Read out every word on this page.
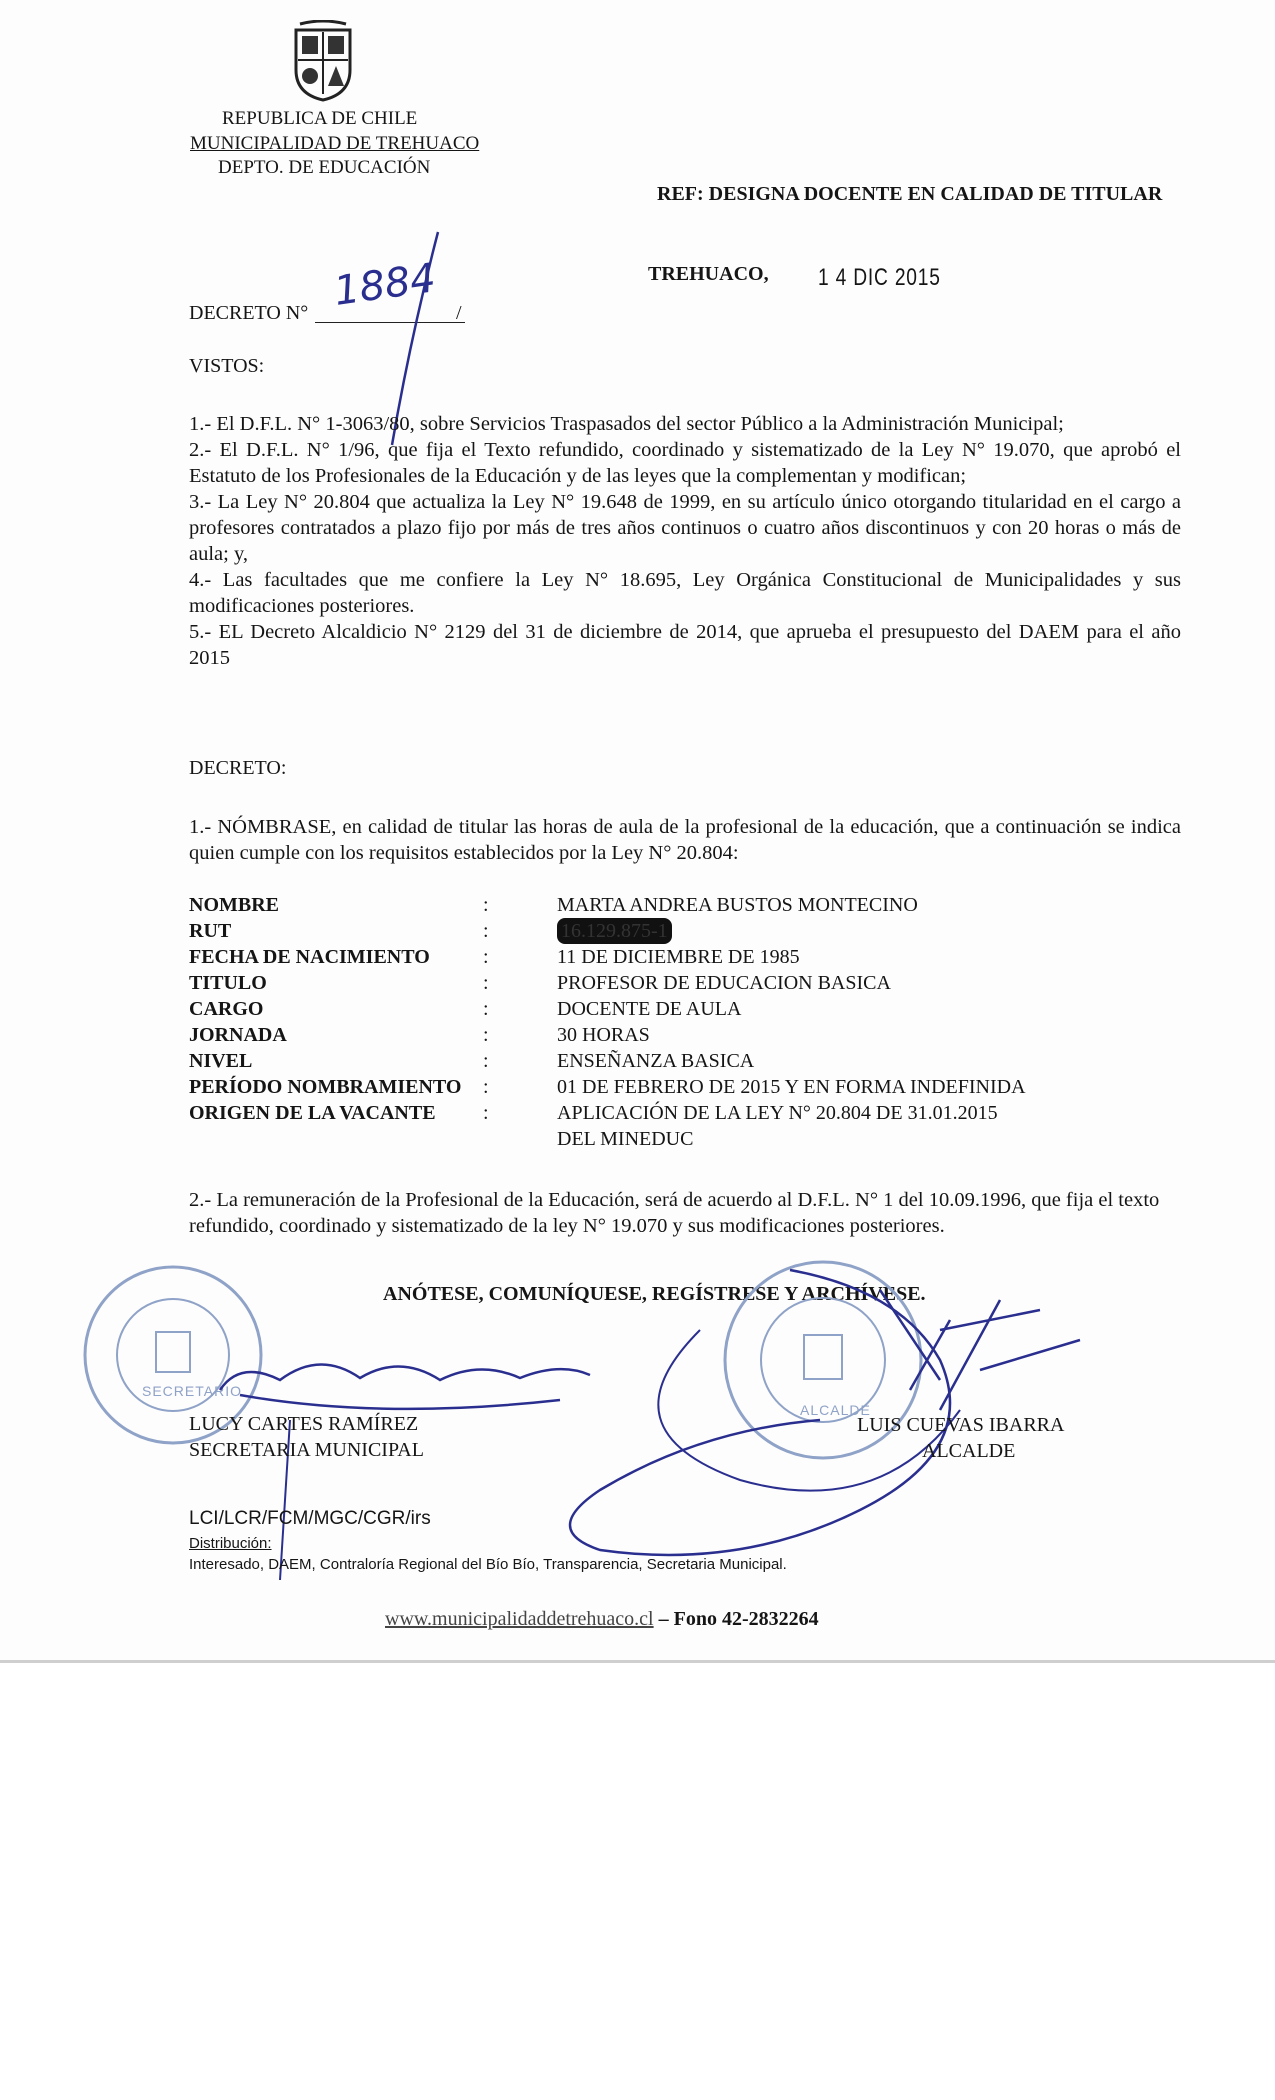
REPUBLICA DE CHILE
MUNICIPALIDAD DE TREHUACO
DEPTO. DE EDUCACIÓN
REF: DESIGNA DOCENTE EN CALIDAD DE TITULAR
TREHUACO, 1 4 DIC 2015
DECRETO N° 1884 /
VISTOS:
1.- El D.F.L. N° 1-3063/80, sobre Servicios Traspasados del sector Público a la Administración Municipal;
2.- El D.F.L. N° 1/96, que fija el Texto refundido, coordinado y sistematizado de la Ley N° 19.070, que aprobó el Estatuto de los Profesionales de la Educación y de las leyes que la complementan y modifican;
3.- La Ley N° 20.804 que actualiza la Ley N° 19.648 de 1999, en su artículo único otorgando titularidad en el cargo a profesores contratados a plazo fijo por más de tres años continuos o cuatro años discontinuos y con 20 horas o más de aula; y,
4.- Las facultades que me confiere la Ley N° 18.695, Ley Orgánica Constitucional de Municipalidades y sus modificaciones posteriores.
5.- EL Decreto Alcaldicio N° 2129 del 31 de diciembre de 2014, que aprueba el presupuesto del DAEM para el año 2015
DECRETO:
1.- NÓMBRASE, en calidad de titular las horas de aula de la profesional de la educación, que a continuación se indica quien cumple con los requisitos establecidos por la Ley N° 20.804:
NOMBRE	:	MARTA ANDREA BUSTOS MONTECINO
RUT	:	16.129.875-1
FECHA DE NACIMIENTO	:	11 DE DICIEMBRE DE 1985
TITULO	:	PROFESOR DE EDUCACION BASICA
CARGO	:	DOCENTE DE AULA
JORNADA	:	30 HORAS
NIVEL	:	ENSEÑANZA BASICA
PERÍODO NOMBRAMIENTO	:	01 DE FEBRERO DE 2015 Y EN FORMA INDEFINIDA
ORIGEN DE LA VACANTE	:	APLICACIÓN DE LA LEY N° 20.804 DE 31.01.2015
DEL MINEDUC
2.- La remuneración de la Profesional de la Educación, será de acuerdo al D.F.L. N° 1 del 10.09.1996, que fija el texto refundido, coordinado y sistematizado de la ley N° 19.070 y sus modificaciones posteriores.
ANÓTESE, COMUNÍQUESE, REGÍSTRESE Y ARCHÍVESE.
SECRETARIO
ALCALDE
LUCY CARTES RAMÍREZ
SECRETARIA MUNICIPAL
LUIS CUEVAS IBARRA
ALCALDE
LCI/LCR/FCM/MGC/CGR/irs
Distribución:
Interesado, DAEM, Contraloría Regional del Bío Bío, Transparencia, Secretaria Municipal.
www.municipalidaddetrehuaco.cl – Fono 42-2832264
